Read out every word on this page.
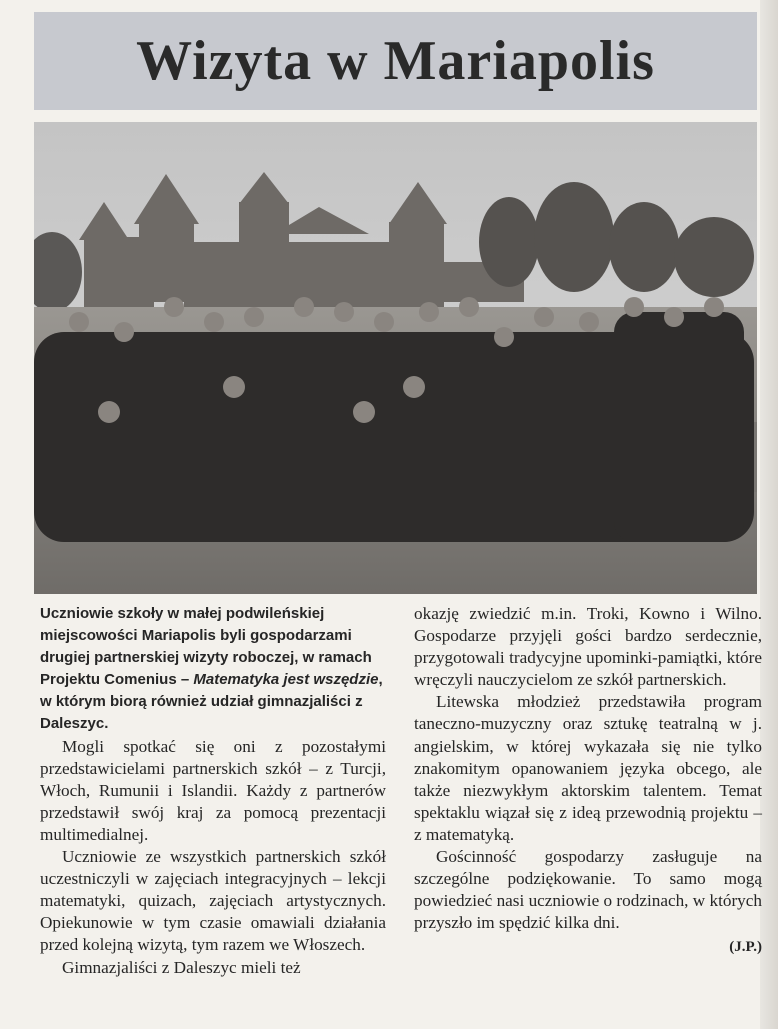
Wizyta w Mariapolis

Uczniowie szkoły w małej podwileńskiej miejscowości Mariapolis byli gospodarzami drugiej partnerskiej wizyty roboczej, w ramach Projektu Comenius – Matematyka jest wszędzie, w którym biorą również udział gimnazjaliści z Daleszyc.

Mogli spotkać się oni z pozostałymi przedstawicielami partnerskich szkół – z Turcji, Włoch, Rumunii i Islandii. Każdy z partnerów przedstawił swój kraj za pomocą prezentacji multimedialnej.

Uczniowie ze wszystkich partnerskich szkół uczestniczyli w zajęciach integracyjnych – lekcji matematyki, quizach, zajęciach artystycznych. Opiekunowie w tym czasie omawiali działania przed kolejną wizytą, tym razem we Włoszech.

Gimnazjaliści z Daleszyc mieli też

okazję zwiedzić m.in. Troki, Kowno i Wilno. Gospodarze przyjęli gości bardzo serdecznie, przygotowali tradycyjne upominki-pamiątki, które wręczyli nauczycielom ze szkół partnerskich.

Litewska młodzież przedstawiła program taneczno-muzyczny oraz sztukę teatralną w j. angielskim, w której wykazała się nie tylko znakomitym opanowaniem języka obcego, ale także niezwykłym aktorskim talentem. Temat spektaklu wiązał się z ideą przewodnią projektu – z matematyką.

Gościnność gospodarzy zasługuje na szczególne podziękowanie. To samo mogą powiedzieć nasi uczniowie o rodzinach, w których przyszło im spędzić kilka dni.

(J.P.)
